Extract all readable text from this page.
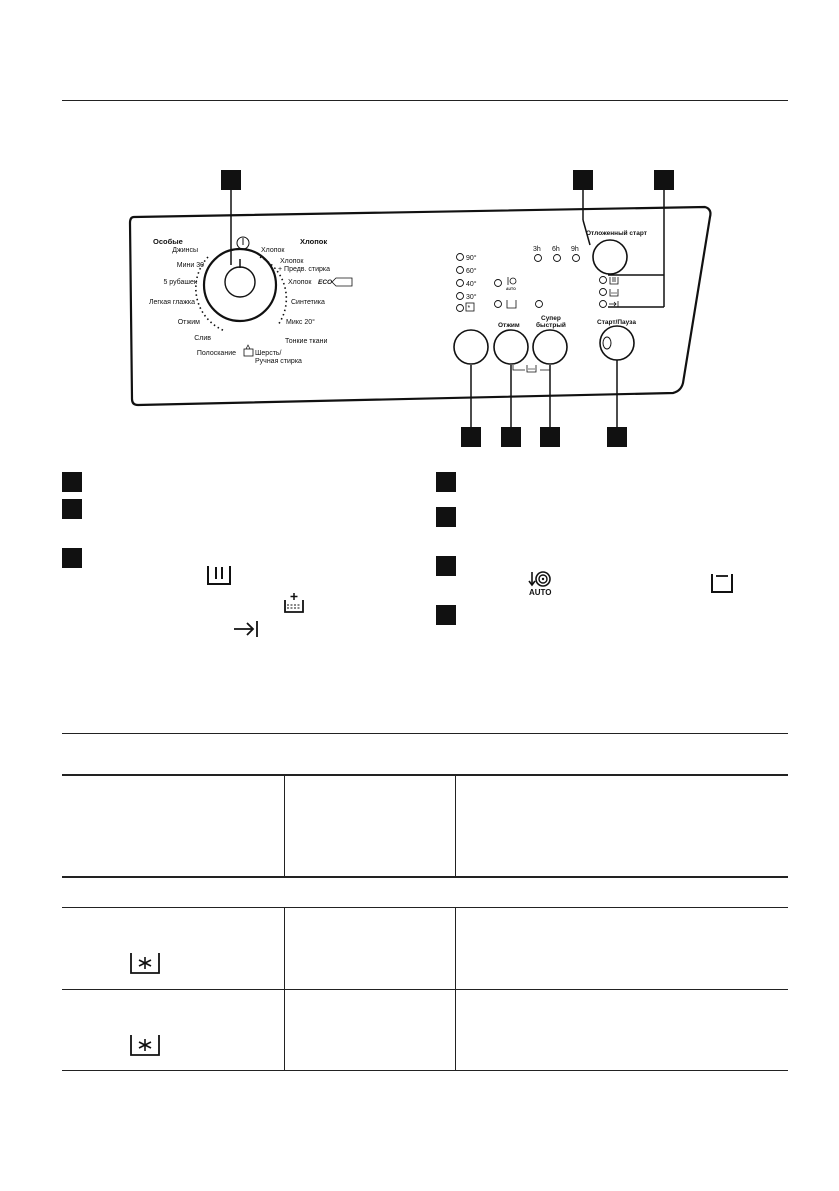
Особые	Хлопок
Джинсы
Мини 30
5 рубашек
Легкая глажка
Отжим
Слив
Полоскание
Хлопок
Хлопок
+ Предв. стирка
Хлопок ECO
Синтетика
Микс 20°
Тонкие ткани
Шерсть/
Ручная стирка
90°
60°
40°
30°
*
AUTO
3h 6h 9h
Отложенный старт
Отжим
Супер
быстрый	Старт/Пауза
AUTO
